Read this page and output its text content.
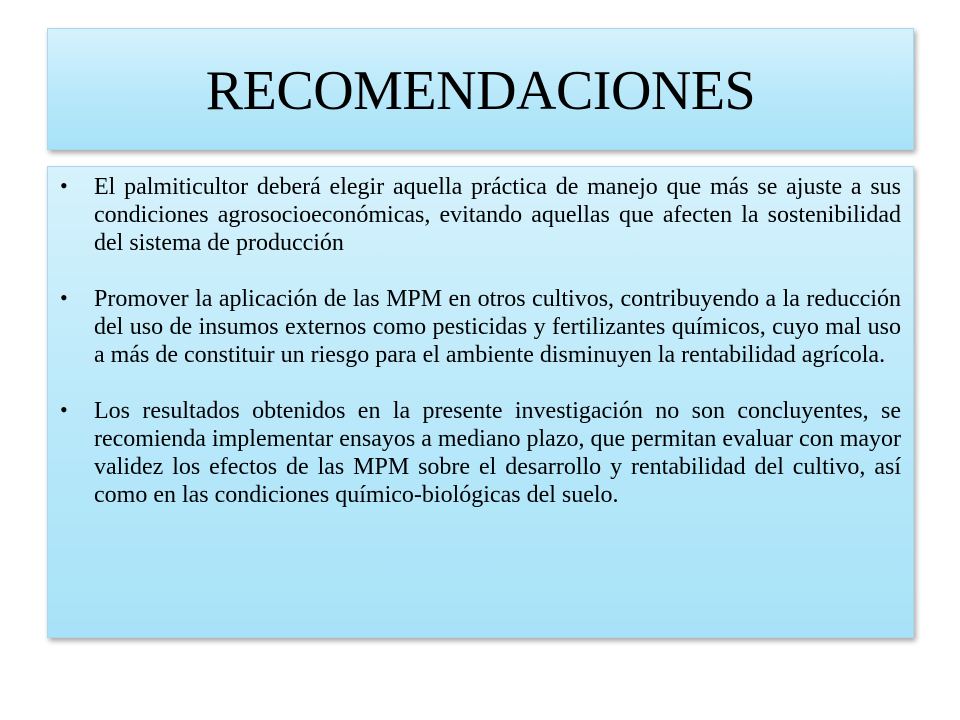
RECOMENDACIONES
• El palmiticultor deberá elegir aquella práctica de manejo que más se ajuste a sus condiciones agrosocioeconómicas, evitando aquellas que afecten la sostenibilidad del sistema de producción
• Promover la aplicación de las MPM en otros cultivos, contribuyendo a la reducción del uso de insumos externos como pesticidas y fertilizantes químicos, cuyo mal uso a más de constituir un riesgo para el ambiente disminuyen la rentabilidad agrícola.
• Los resultados obtenidos en la presente investigación no son concluyentes, se recomienda implementar ensayos a mediano plazo, que permitan evaluar con mayor validez los efectos de las MPM sobre el desarrollo y rentabilidad del cultivo, así como en las condiciones químico-biológicas del suelo.
